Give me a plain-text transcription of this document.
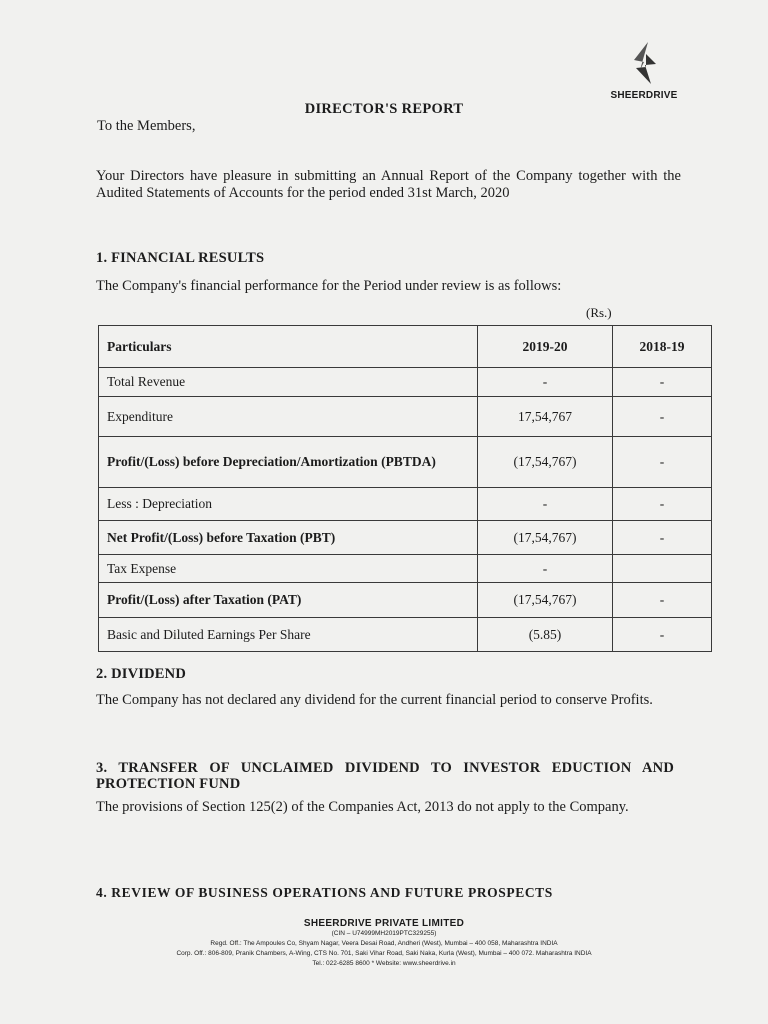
SHEERDRIVE
DIRECTOR'S REPORT
To the Members,
Your Directors have pleasure in submitting an Annual Report of the Company together with the Audited Statements of Accounts for the period ended 31st March, 2020
1. FINANCIAL RESULTS
The Company's financial performance for the Period under review is as follows:
(Rs.)
Particulars	2019-20	2018-19
Total Revenue	-	-
Expenditure	17,54,767	-
Profit/(Loss) before Depreciation/Amortization (PBTDA)	(17,54,767)	-
Less : Depreciation	-	-
Net Profit/(Loss) before Taxation (PBT)	(17,54,767)	-
Tax Expense	-	
Profit/(Loss) after Taxation (PAT)	(17,54,767)	-
Basic and Diluted Earnings Per Share	(5.85)	-
2. DIVIDEND
The Company has not declared any dividend for the current financial period to conserve Profits.
3. TRANSFER OF UNCLAIMED DIVIDEND TO INVESTOR EDUCTION AND PROTECTION FUND
The provisions of Section 125(2) of the Companies Act, 2013 do not apply to the Company.
4. REVIEW OF BUSINESS OPERATIONS AND FUTURE PROSPECTS
SHEERDRIVE PRIVATE LIMITED
(CIN – U74999MH2019PTC329255)
Regd. Off.: The Ampoules Co, Shyam Nagar, Veera Desai Road, Andheri (West), Mumbai – 400 058, Maharashtra INDIA
Corp. Off.: 806-809, Pranik Chambers, A-Wing, CTS No. 701, Saki Vihar Road, Saki Naka, Kurla (West), Mumbai – 400 072. Maharashtra INDIA
Tel.: 022-6285 8600 * Website: www.sheerdrive.in
